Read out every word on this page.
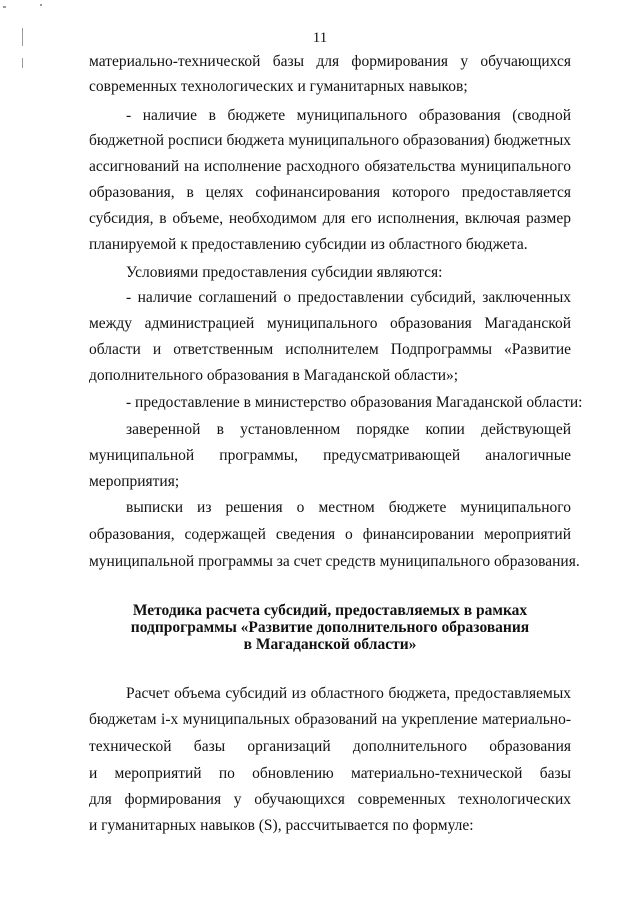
11
материально-технической базы для формирования у обучающихся
современных технологических и гуманитарных навыков;
- наличие в бюджете муниципального образования (сводной
бюджетной росписи бюджета муниципального образования) бюджетных
ассигнований на исполнение расходного обязательства муниципального
образования, в целях софинансирования которого предоставляется
субсидия, в объеме, необходимом для его исполнения, включая размер
планируемой к предоставлению субсидии из областного бюджета.
Условиями предоставления субсидии являются:
- наличие соглашений о предоставлении субсидий, заключенных
между администрацией муниципального образования Магаданской
области и ответственным исполнителем Подпрограммы «Развитие
дополнительного образования в Магаданской области»;
- предоставление в министерство образования Магаданской области:
заверенной в установленном порядке копии действующей
муниципальной программы, предусматривающей аналогичные
мероприятия;
выписки из решения о местном бюджете муниципального
образования, содержащей сведения о финансировании мероприятий
муниципальной программы за счет средств муниципального образования.
Методика расчета субсидий, предоставляемых в рамках
подпрограммы «Развитие дополнительного образования
в Магаданской области»
Расчет объема субсидий из областного бюджета, предоставляемых
бюджетам i-х муниципальных образований на укрепление материально-
технической базы организаций дополнительного образования
и мероприятий по обновлению материально-технической базы
для формирования у обучающихся современных технологических
и гуманитарных навыков (S), рассчитывается по формуле:
